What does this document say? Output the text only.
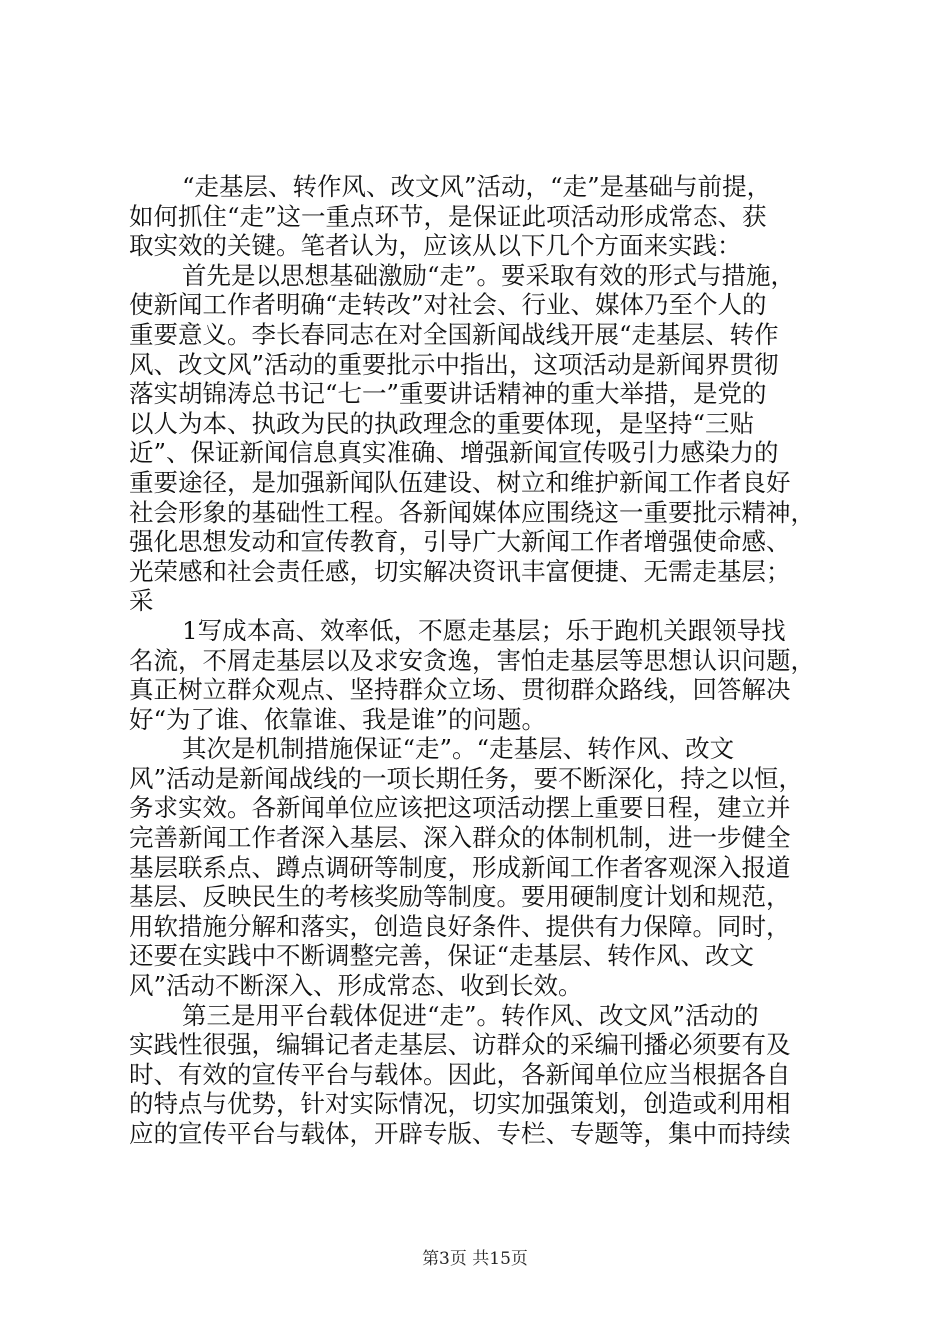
“走基层、转作风、改文风”活动，“走”是基础与前提，
如何抓住“走”这一重点环节，是保证此项活动形成常态、获
取实效的关键。笔者认为，应该从以下几个方面来实践：
首先是以思想基础激励“走”。要采取有效的形式与措施，
使新闻工作者明确“走转改”对社会、行业、媒体乃至个人的
重要意义。李长春同志在对全国新闻战线开展“走基层、转作
风、改文风”活动的重要批示中指出，这项活动是新闻界贯彻
落实胡锦涛总书记“七一”重要讲话精神的重大举措，是党的
以人为本、执政为民的执政理念的重要体现，是坚持“三贴
近”、保证新闻信息真实准确、增强新闻宣传吸引力感染力的
重要途径，是加强新闻队伍建设、树立和维护新闻工作者良好
社会形象的基础性工程。各新闻媒体应围绕这一重要批示精神，
强化思想发动和宣传教育，引导广大新闻工作者增强使命感、
光荣感和社会责任感，切实解决资讯丰富便捷、无需走基层；
采
1写成本高、效率低，不愿走基层；乐于跑机关跟领导找
名流，不屑走基层以及求安贪逸，害怕走基层等思想认识问题，
真正树立群众观点、坚持群众立场、贯彻群众路线，回答解决
好“为了谁、依靠谁、我是谁”的问题。
其次是机制措施保证“走”。“走基层、转作风、改文
风”活动是新闻战线的一项长期任务，要不断深化，持之以恒，
务求实效。各新闻单位应该把这项活动摆上重要日程，建立并
完善新闻工作者深入基层、深入群众的体制机制，进一步健全
基层联系点、蹲点调研等制度，形成新闻工作者客观深入报道
基层、反映民生的考核奖励等制度。要用硬制度计划和规范，
用软措施分解和落实，创造良好条件、提供有力保障。同时，
还要在实践中不断调整完善，保证“走基层、转作风、改文
风”活动不断深入、形成常态、收到长效。
第三是用平台载体促进“走”。转作风、改文风”活动的
实践性很强，编辑记者走基层、访群众的采编刊播必须要有及
时、有效的宣传平台与载体。因此，各新闻单位应当根据各自
的特点与优势，针对实际情况，切实加强策划，创造或利用相
应的宣传平台与载体，开辟专版、专栏、专题等，集中而持续
第3页 共15页
